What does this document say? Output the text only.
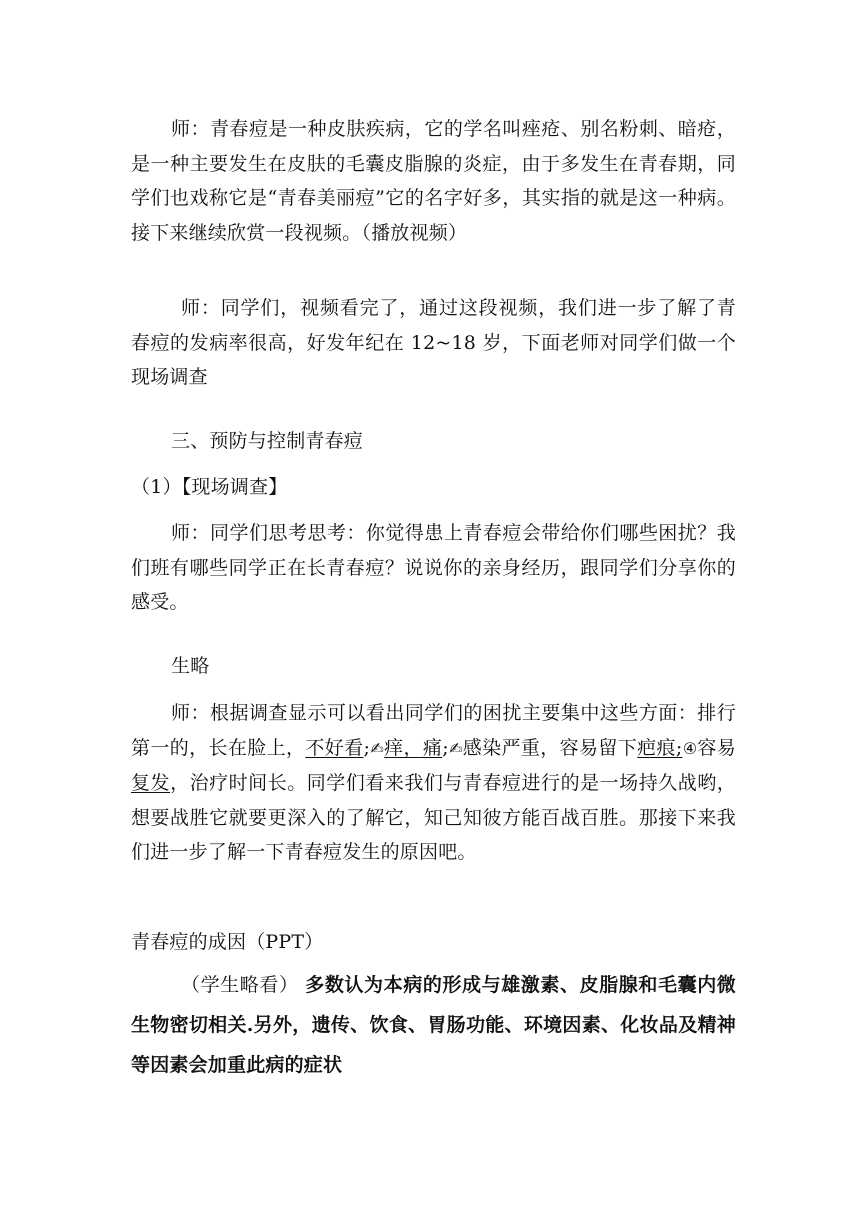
师：青春痘是一种皮肤疾病，它的学名叫痤疮、别名粉刺、暗疮，是一种主要发生在皮肤的毛囊皮脂腺的炎症，由于多发生在青春期，同学们也戏称它是“青春美丽痘”它的名字好多，其实指的就是这一种病。接下来继续欣赏一段视频。（播放视频）

师：同学们，视频看完了，通过这段视频，我们进一步了解了青春痘的发病率很高，好发年纪在 12~18 岁，下面老师对同学们做一个现场调查

三、预防与控制青春痘

（1）【现场调查】

师：同学们思考思考：你觉得患上青春痘会带给你们哪些困扰？我们班有哪些同学正在长青春痘？说说你的亲身经历，跟同学们分享你的感受。

生略

师：根据调查显示可以看出同学们的困扰主要集中这些方面：排行第一的，长在脸上，不好看;✍痒，痛;✍感染严重，容易留下疤痕;④容易复发，治疗时间长。同学们看来我们与青春痘进行的是一场持久战哟，想要战胜它就要更深入的了解它，知己知彼方能百战百胜。那接下来我们进一步了解一下青春痘发生的原因吧。

青春痘的成因（PPT）

（学生略看） 多数认为本病的形成与雄激素、皮脂腺和毛囊内微生物密切相关.另外，遗传、饮食、胃肠功能、环境因素、化妆品及精神等因素会加重此病的症状
